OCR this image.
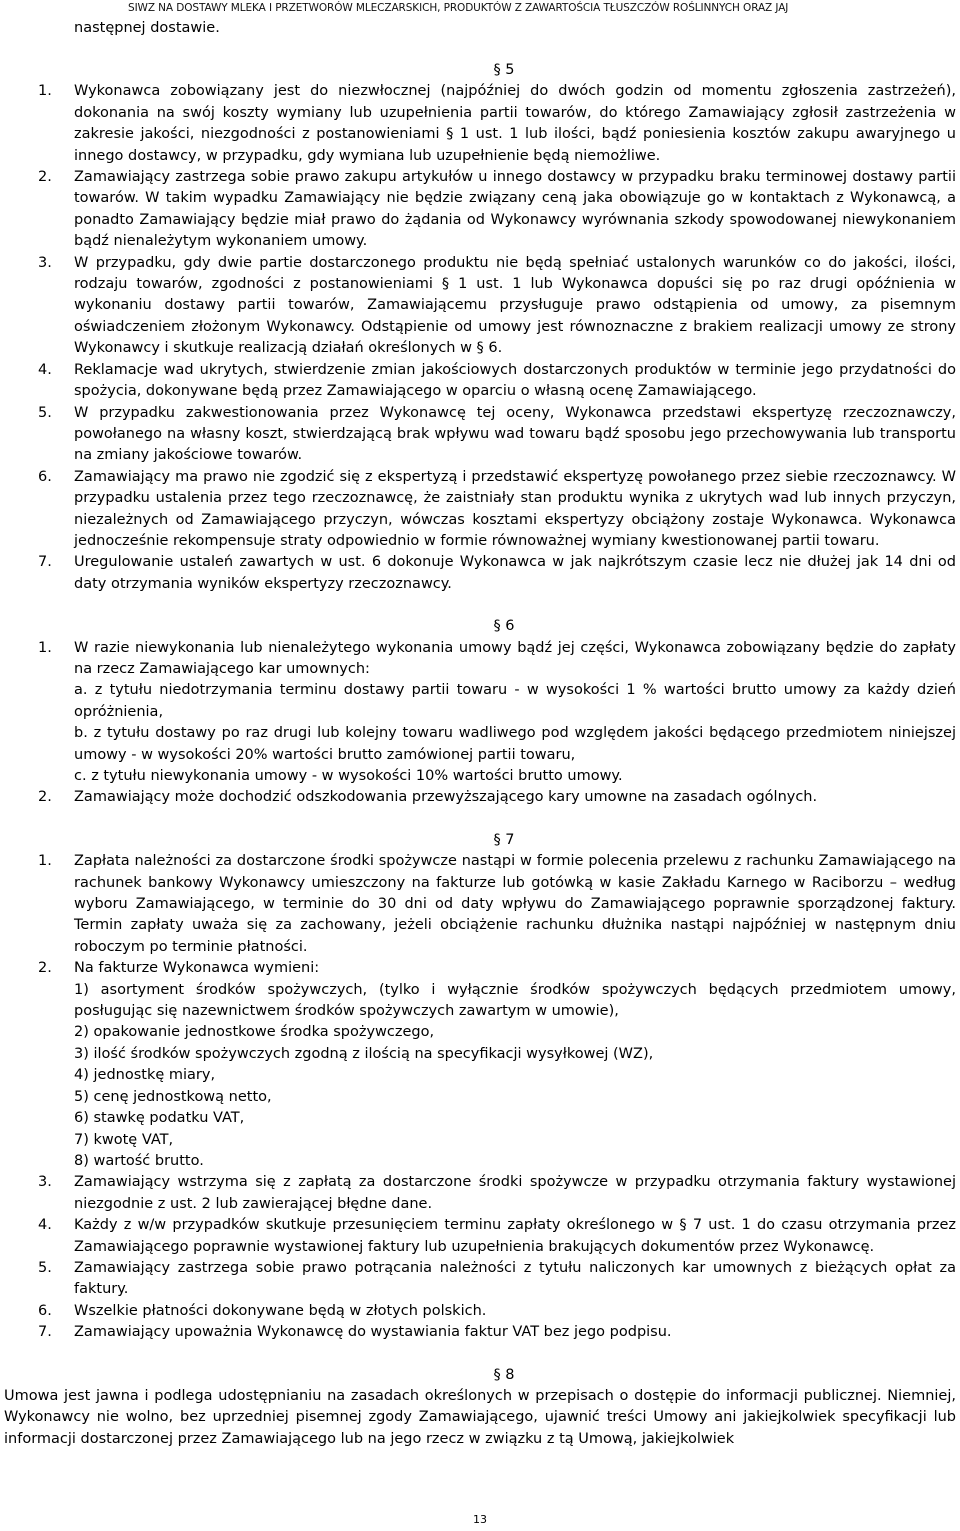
SIWZ NA DOSTAWY MLEKA I PRZETWORÓW MLECZARSKICH, PRODUKTÓW Z ZAWARTOŚCIA TŁUSZCZÓW ROŚLINNYCH ORAZ JAJ
następnej dostawie.

§ 5

1. Wykonawca zobowiązany jest do niezwłocznej (najpóźniej do dwóch godzin od momentu zgłoszenia zastrzeżeń), dokonania na swój koszty wymiany lub uzupełnienia partii towarów, do którego Zamawiający zgłosił zastrzeżenia w zakresie jakości, niezgodności z postanowieniami § 1 ust. 1 lub ilości, bądź poniesienia kosztów zakupu awaryjnego u innego dostawcy, w przypadku, gdy wymiana lub uzupełnienie będą niemożliwe.
2. Zamawiający zastrzega sobie prawo zakupu artykułów u innego dostawcy w przypadku braku terminowej dostawy partii towarów. W takim wypadku Zamawiający nie będzie związany ceną jaka obowiązuje go w kontaktach z Wykonawcą, a ponadto Zamawiający będzie miał prawo do żądania od Wykonawcy wyrównania szkody spowodowanej niewykonaniem bądź nienależytym wykonaniem umowy.
3. W przypadku, gdy dwie partie dostarczonego produktu nie będą spełniać ustalonych warunków co do jakości, ilości, rodzaju towarów, zgodności z postanowieniami § 1 ust. 1 lub Wykonawca dopuści się po raz drugi opóźnienia w wykonaniu dostawy partii towarów, Zamawiającemu przysługuje prawo odstąpienia od umowy, za pisemnym oświadczeniem złożonym Wykonawcy. Odstąpienie od umowy jest równoznaczne z brakiem realizacji umowy ze strony Wykonawcy i skutkuje realizacją działań określonych w § 6.
4. Reklamacje wad ukrytych, stwierdzenie zmian jakościowych dostarczonych produktów w terminie jego przydatności do spożycia, dokonywane będą przez Zamawiającego w oparciu o własną ocenę Zamawiającego.
5. W przypadku zakwestionowania przez Wykonawcę tej oceny, Wykonawca przedstawi ekspertyzę rzeczoznawczy, powołanego na własny koszt, stwierdzającą brak wpływu wad towaru bądź sposobu jego przechowywania lub transportu na zmiany jakościowe towarów.
6. Zamawiający ma prawo nie zgodzić się z ekspertyzą i przedstawić ekspertyzę powołanego przez siebie rzeczoznawcy. W przypadku ustalenia przez tego rzeczoznawcę, że zaistniały stan produktu wynika z ukrytych wad lub innych przyczyn, niezależnych od Zamawiającego przyczyn, wówczas kosztami ekspertyzy obciążony zostaje Wykonawca. Wykonawca jednocześnie rekompensuje straty odpowiednio w formie równoważnej wymiany kwestionowanej partii towaru.
7. Uregulowanie ustaleń zawartych w ust. 6 dokonuje Wykonawca w jak najkrótszym czasie lecz nie dłużej jak 14 dni od daty otrzymania wyników ekspertyzy rzeczoznawcy.

§ 6

1. W razie niewykonania lub nienależytego wykonania umowy bądź jej części, Wykonawca zobowiązany będzie do zapłaty na rzecz Zamawiającego kar umownych:
a. z tytułu niedotrzymania terminu dostawy partii towaru - w wysokości 1 % wartości brutto umowy za każdy dzień opróżnienia,
b. z tytułu dostawy po raz drugi lub kolejny towaru wadliwego pod względem jakości będącego przedmiotem niniejszej umowy - w wysokości 20% wartości brutto zamówionej partii towaru,
c. z tytułu niewykonania umowy - w wysokości 10% wartości brutto umowy.
2. Zamawiający może dochodzić odszkodowania przewyższającego kary umowne na zasadach ogólnych.

§ 7

1. Zapłata należności za dostarczone środki spożywcze nastąpi w formie polecenia przelewu z rachunku Zamawiającego na rachunek bankowy Wykonawcy umieszczony na fakturze lub gotówką w kasie Zakładu Karnego w Raciborzu – według wyboru Zamawiającego, w terminie do 30 dni od daty wpływu do Zamawiającego poprawnie sporządzonej faktury. Termin zapłaty uważa się za zachowany, jeżeli obciążenie rachunku dłużnika nastąpi najpóźniej w następnym dniu roboczym po terminie płatności.
2. Na fakturze Wykonawca wymieni:
1) asortyment środków spożywczych, (tylko i wyłącznie środków spożywczych będących przedmiotem umowy, posługując się nazewnictwem środków spożywczych zawartym w umowie),
2) opakowanie jednostkowe środka spożywczego,
3) ilość środków spożywczych zgodną z ilością na specyfikacji wysyłkowej (WZ),
4) jednostkę miary,
5) cenę jednostkową netto,
6) stawkę podatku VAT,
7) kwotę VAT,
8) wartość brutto.
3. Zamawiający wstrzyma się z zapłatą za dostarczone środki spożywcze w przypadku otrzymania faktury wystawionej niezgodnie z ust. 2 lub zawierającej błędne dane.
4. Każdy z w/w przypadków skutkuje przesunięciem terminu zapłaty określonego w § 7 ust. 1 do czasu otrzymania przez Zamawiającego poprawnie wystawionej faktury lub uzupełnienia brakujących dokumentów przez Wykonawcę.
5. Zamawiający zastrzega sobie prawo potrącania należności z tytułu naliczonych kar umownych z bieżących opłat za faktury.
6. Wszelkie płatności dokonywane będą w złotych polskich.
7. Zamawiający upoważnia Wykonawcę do wystawiania faktur VAT bez jego podpisu.

§ 8

Umowa jest jawna i podlega udostępnianiu na zasadach określonych w przepisach o dostępie do informacji publicznej. Niemniej, Wykonawcy nie wolno, bez uprzedniej pisemnej zgody Zamawiającego, ujawnić treści Umowy ani jakiejkolwiek specyfikacji lub informacji dostarczonej przez Zamawiającego lub na jego rzecz w związku z tą Umową, jakiejkolwiek

13
